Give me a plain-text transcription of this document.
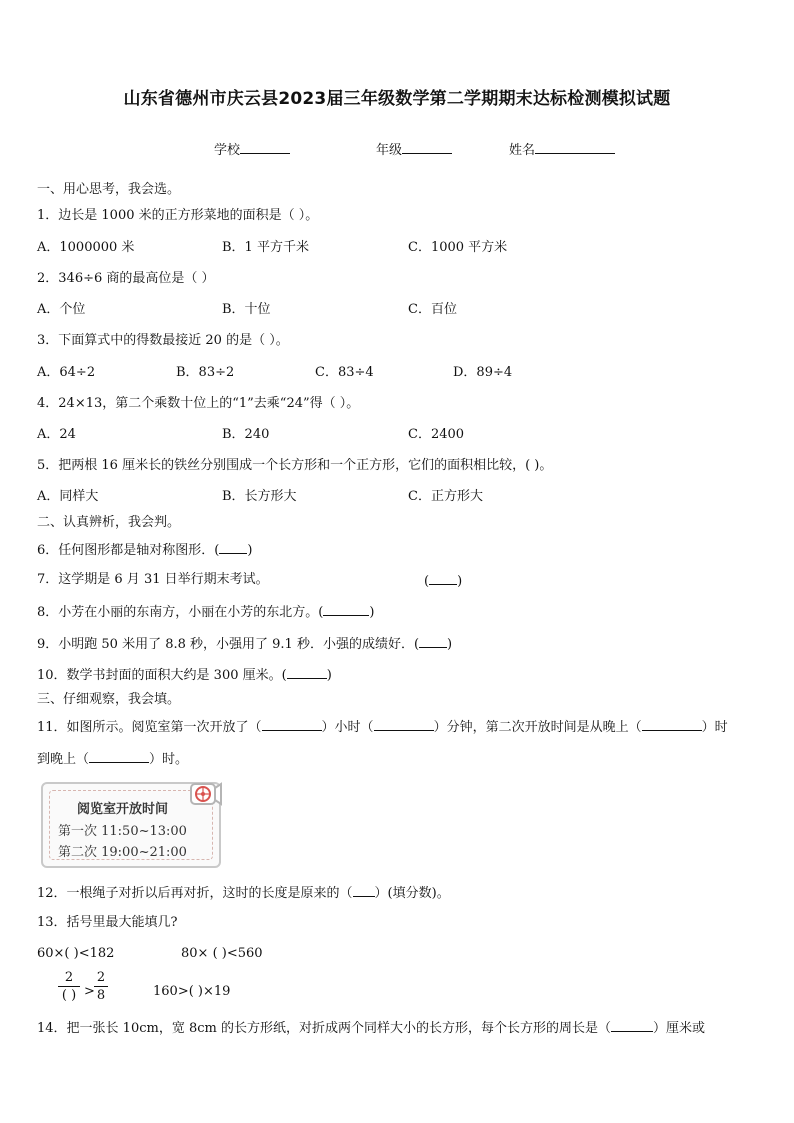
山东省德州市庆云县2023届三年级数学第二学期期末达标检测模拟试题
学校	年级	姓名
一、用心思考，我会选。
1．边长是 1000 米的正方形菜地的面积是（ ）。
A．1000000 米	B．1 平方千米	C．1000 平方米
2．346÷6 商的最高位是（ ）
A．个位	B．十位	C．百位
3．下面算式中的得数最接近 20 的是（ ）。
A．64÷2	B．83÷2	C．83÷4	D．89÷4
4．24×13，第二个乘数十位上的“1”去乘“24”得（ ）。
A．24	B．240	C．2400
5．把两根 16 厘米长的铁丝分别围成一个长方形和一个正方形，它们的面积相比较，( )。
A．同样大	B．长方形大	C．正方形大
二、认真辨析，我会判。
6．任何图形都是轴对称图形．( )
7．这学期是 6 月 31 日举行期末考试。	( )
8．小芳在小丽的东南方，小丽在小芳的东北方。(	)
9．小明跑 50 米用了 8.8 秒，小强用了 9.1 秒．小强的成绩好．( )
10．数学书封面的面积大约是 300 厘米。(	)
三、仔细观察，我会填。
11．如图所示。阅览室第一次开放了（	）小时（	）分钟，第二次开放时间是从晚上（	）时
到晚上（	）时。
阅览室开放时间
第一次 11:50~13:00
第二次 19:00~21:00
12．一根绳子对折以后再对折，这时的长度是原来的（ ）(填分数)。
13．括号里最大能填几?
60×( )<182	80× ( )<560
2
( ) >
2
8	160>( )×19
14．把一张长 10cm，宽 8cm 的长方形纸，对折成两个同样大小的长方形，每个长方形的周长是（	）厘米或
